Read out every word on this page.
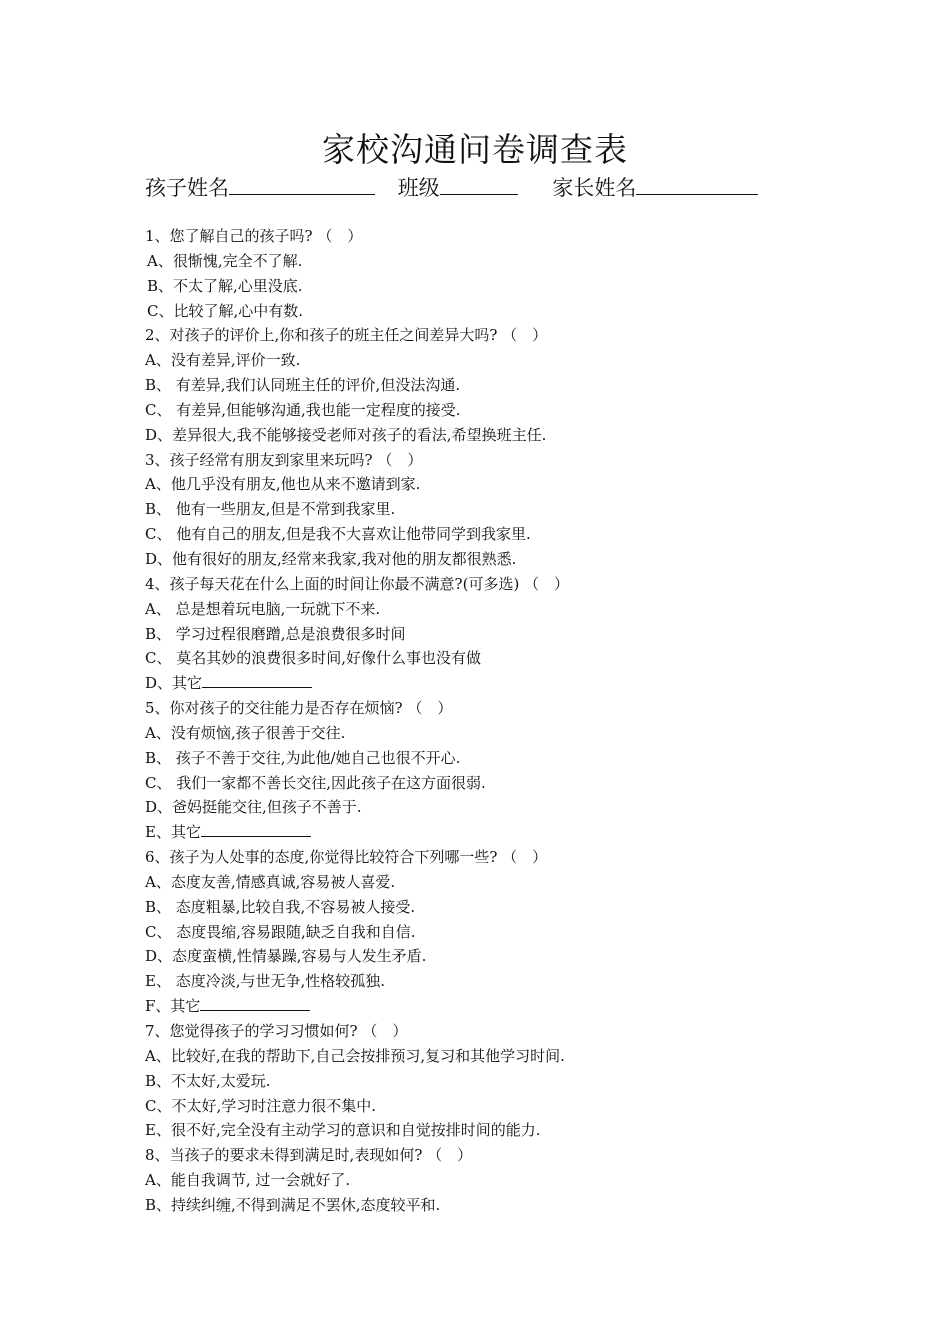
家校沟通问卷调查表
孩子姓名	班级	家长姓名
1、您了解自己的孩子吗? （　）
A、很惭愧,完全不了解.
B、不太了解,心里没底.
C、比较了解,心中有数.
2、对孩子的评价上,你和孩子的班主任之间差异大吗? （　）
A、没有差异,评价一致.
B、 有差异,我们认同班主任的评价,但没法沟通.
C、 有差异,但能够沟通,我也能一定程度的接受.
D、差异很大,我不能够接受老师对孩子的看法,希望换班主任.
3、孩子经常有朋友到家里来玩吗? （　）
A、他几乎没有朋友,他也从来不邀请到家.
B、 他有一些朋友,但是不常到我家里.
C、 他有自己的朋友,但是我不大喜欢让他带同学到我家里.
D、他有很好的朋友,经常来我家,我对他的朋友都很熟悉.
4、孩子每天花在什么上面的时间让你最不满意?(可多选) （　）
A、 总是想着玩电脑,一玩就下不来.
B、 学习过程很磨蹭,总是浪费很多时间
C、 莫名其妙的浪费很多时间,好像什么事也没有做
D、其它
5、你对孩子的交往能力是否存在烦恼? （　）
A、没有烦恼,孩子很善于交往.
B、 孩子不善于交往,为此他/她自己也很不开心.
C、 我们一家都不善长交往,因此孩子在这方面很弱.
D、爸妈挺能交往,但孩子不善于.
E、其它
6、孩子为人处事的态度,你觉得比较符合下列哪一些? （　）
A、态度友善,情感真诚,容易被人喜爱.
B、 态度粗暴,比较自我,不容易被人接受.
C、 态度畏缩,容易跟随,缺乏自我和自信.
D、态度蛮横,性情暴躁,容易与人发生矛盾.
E、 态度冷淡,与世无争,性格较孤独.
F、其它
7、您觉得孩子的学习习惯如何? （　）
A、比较好,在我的帮助下,自己会按排预习,复习和其他学习时间.
B、不太好,太爱玩.
C、不太好,学习时注意力很不集中.
E、很不好,完全没有主动学习的意识和自觉按排时间的能力.
8、当孩子的要求未得到满足时,表现如何? （　）
A、能自我调节, 过一会就好了.
B、持续纠缠,不得到满足不罢休,态度较平和.
